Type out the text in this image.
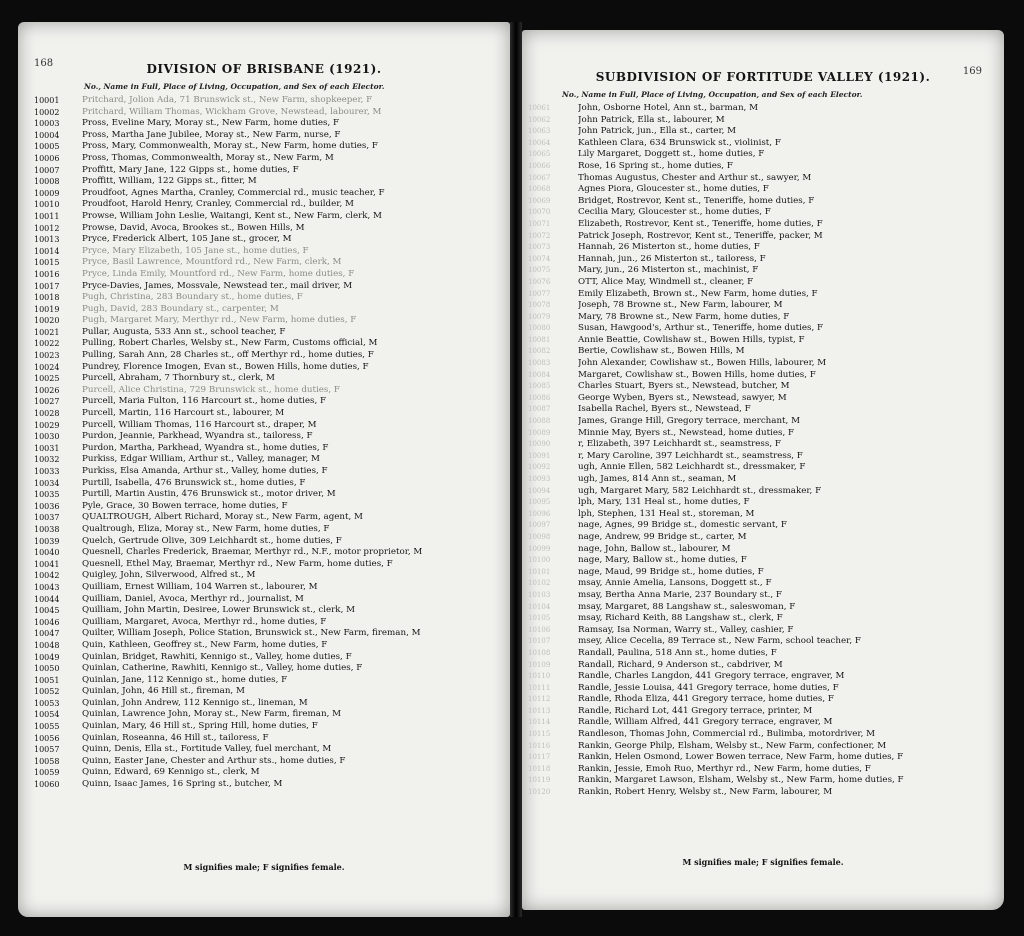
168	DIVISION OF BRISBANE (1921).
No., Name in Full, Place of Living, Occupation, and Sex of each Elector.
10001	Pritchard, Jolion Ada, 71 Brunswick st., New Farm, shopkeeper, F
10002	Pritchard, William Thomas, Wickham Grove, Newstead, labourer, M
10003	Pross, Eveline Mary, Moray st., New Farm, home duties, F
10004	Pross, Martha Jane Jubilee, Moray st., New Farm, nurse, F
10005	Pross, Mary, Commonwealth, Moray st., New Farm, home duties, F
10006	Pross, Thomas, Commonwealth, Moray st., New Farm, M
10007	Proffitt, Mary Jane, 122 Gipps st., home duties, F
10008	Proffitt, William, 122 Gipps st., fitter, M
10009	Proudfoot, Agnes Martha, Cranley, Commercial rd., music teacher, F
10010	Proudfoot, Harold Henry, Cranley, Commercial rd., builder, M
10011	Prowse, William John Leslie, Waitangi, Kent st., New Farm, clerk, M
10012	Prowse, David, Avoca, Brookes st., Bowen Hills, M
10013	Pryce, Frederick Albert, 105 Jane st., grocer, M
10014	Pryce, Mary Elizabeth, 105 Jane st., home duties, F
10015	Pryce, Basil Lawrence, Mountford rd., New Farm, clerk, M
10016	Pryce, Linda Emily, Mountford rd., New Farm, home duties, F
10017	Pryce-Davies, James, Mossvale, Newstead ter., mail driver, M
10018	Pugh, Christina, 283 Boundary st., home duties, F
10019	Pugh, David, 283 Boundary st., carpenter, M
10020	Pugh, Margaret Mary, Merthyr rd., New Farm, home duties, F
10021	Pullar, Augusta, 533 Ann st., school teacher, F
10022	Pulling, Robert Charles, Welsby st., New Farm, Customs official, M
10023	Pulling, Sarah Ann, 28 Charles st., off Merthyr rd., home duties, F
10024	Pundrey, Florence Imogen, Evan st., Bowen Hills, home duties, F
10025	Purcell, Abraham, 7 Thornbury st., clerk, M
10026	Purcell, Alice Christina, 729 Brunswick st., home duties, F
10027	Purcell, Maria Fulton, 116 Harcourt st., home duties, F
10028	Purcell, Martin, 116 Harcourt st., labourer, M
10029	Purcell, William Thomas, 116 Harcourt st., draper, M
10030	Purdon, Jeannie, Parkhead, Wyandra st., tailoress, F
10031	Purdon, Martha, Parkhead, Wyandra st., home duties, F
10032	Purkiss, Edgar William, Arthur st., Valley, manager, M
10033	Purkiss, Elsa Amanda, Arthur st., Valley, home duties, F
10034	Purtill, Isabella, 476 Brunswick st., home duties, F
10035	Purtill, Martin Austin, 476 Brunswick st., motor driver, M
10036	Pyle, Grace, 30 Bowen terrace, home duties, F
10037	QUALTROUGH, Albert Richard, Moray st., New Farm, agent, M
10038	Qualtrough, Eliza, Moray st., New Farm, home duties, F
10039	Quelch, Gertrude Olive, 309 Leichhardt st., home duties, F
10040	Quesnell, Charles Frederick, Braemar, Merthyr rd., N.F., motor proprietor, M
10041	Quesnell, Ethel May, Braemar, Merthyr rd., New Farm, home duties, F
10042	Quigley, John, Silverwood, Alfred st., M
10043	Quilliam, Ernest William, 104 Warren st., labourer, M
10044	Quilliam, Daniel, Avoca, Merthyr rd., journalist, M
10045	Quilliam, John Martin, Desiree, Lower Brunswick st., clerk, M
10046	Quilliam, Margaret, Avoca, Merthyr rd., home duties, F
10047	Quilter, William Joseph, Police Station, Brunswick st., New Farm, fireman, M
10048	Quin, Kathleen, Geoffrey st., New Farm, home duties, F
10049	Quinlan, Bridget, Rawhiti, Kennigo st., Valley, home duties, F
10050	Quinlan, Catherine, Rawhiti, Kennigo st., Valley, home duties, F
10051	Quinlan, Jane, 112 Kennigo st., home duties, F
10052	Quinlan, John, 46 Hill st., fireman, M
10053	Quinlan, John Andrew, 112 Kennigo st., lineman, M
10054	Quinlan, Lawrence John, Moray st., New Farm, fireman, M
10055	Quinlan, Mary, 46 Hill st., Spring Hill, home duties, F
10056	Quinlan, Roseanna, 46 Hill st., tailoress, F
10057	Quinn, Denis, Ella st., Fortitude Valley, fuel merchant, M
10058	Quinn, Easter Jane, Chester and Arthur sts., home duties, F
10059	Quinn, Edward, 69 Kennigo st., clerk, M
10060	Quinn, Isaac James, 16 Spring st., butcher, M
M signifies male; F signifies female.
169
SUBDIVISION OF FORTITUDE VALLEY (1921).
No., Name in Full, Place of Living, Occupation, and Sex of each Elector.
10061	John, Osborne Hotel, Ann st., barman, M
10062	John Patrick, Ella st., labourer, M
10063	John Patrick, jun., Ella st., carter, M
10064	Kathleen Clara, 634 Brunswick st., violinist, F
10065	Lily Margaret, Doggett st., home duties, F
10066	Rose, 16 Spring st., home duties, F
10067	Thomas Augustus, Chester and Arthur st., sawyer, M
10068	Agnes Piora, Gloucester st., home duties, F
10069	Bridget, Rostrevor, Kent st., Teneriffe, home duties, F
10070	Cecilia Mary, Gloucester st., home duties, F
10071	Elizabeth, Rostrevor, Kent st., Teneriffe, home duties, F
10072	Patrick Joseph, Rostrevor, Kent st., Teneriffe, packer, M
10073	Hannah, 26 Misterton st., home duties, F
10074	Hannah, jun., 26 Misterton st., tailoress, F
10075	Mary, jun., 26 Misterton st., machinist, F
10076	OTT, Alice May, Windmell st., cleaner, F
10077	Emily Elizabeth, Brown st., New Farm, home duties, F
10078	Joseph, 78 Browne st., New Farm, labourer, M
10079	Mary, 78 Browne st., New Farm, home duties, F
10080	Susan, Hawgood's, Arthur st., Teneriffe, home duties, F
10081	Annie Beattie, Cowlishaw st., Bowen Hills, typist, F
10082	Bertie, Cowlishaw st., Bowen Hills, M
10083	John Alexander, Cowlishaw st., Bowen Hills, labourer, M
10084	Margaret, Cowlishaw st., Bowen Hills, home duties, F
10085	Charles Stuart, Byers st., Newstead, butcher, M
10086	George Wyben, Byers st., Newstead, sawyer, M
10087	Isabella Rachel, Byers st., Newstead, F
10088	James, Grange Hill, Gregory terrace, merchant, M
10089	Minnie May, Byers st., Newstead, home duties, F
10090	r, Elizabeth, 397 Leichhardt st., seamstress, F
10091	r, Mary Caroline, 397 Leichhardt st., seamstress, F
10092	ugh, Annie Ellen, 582 Leichhardt st., dressmaker, F
10093	ugh, James, 814 Ann st., seaman, M
10094	ugh, Margaret Mary, 582 Leichhardt st., dressmaker, F
10095	lph, Mary, 131 Heal st., home duties, F
10096	lph, Stephen, 131 Heal st., storeman, M
10097	nage, Agnes, 99 Bridge st., domestic servant, F
10098	nage, Andrew, 99 Bridge st., carter, M
10099	nage, John, Ballow st., labourer, M
10100	nage, Mary, Ballow st., home duties, F
10101	nage, Maud, 99 Bridge st., home duties, F
10102	msay, Annie Amelia, Lansons, Doggett st., F
10103	msay, Bertha Anna Marie, 237 Boundary st., F
10104	msay, Margaret, 88 Langshaw st., saleswoman, F
10105	msay, Richard Keith, 88 Langshaw st., clerk, F
10106	Ramsay, Isa Norman, Warry st., Valley, cashier, F
10107	msey, Alice Cecelia, 89 Terrace st., New Farm, school teacher, F
10108	Randall, Paulina, 518 Ann st., home duties, F
10109	Randall, Richard, 9 Anderson st., cabdriver, M
10110	Randle, Charles Langdon, 441 Gregory terrace, engraver, M
10111	Randle, Jessie Louisa, 441 Gregory terrace, home duties, F
10112	Randle, Rhoda Eliza, 441 Gregory terrace, home duties, F
10113	Randle, Richard Lot, 441 Gregory terrace, printer, M
10114	Randle, William Alfred, 441 Gregory terrace, engraver, M
10115	Randleson, Thomas John, Commercial rd., Bulimba, motordriver, M
10116	Rankin, George Philp, Elsham, Welsby st., New Farm, confectioner, M
10117	Rankin, Helen Osmond, Lower Bowen terrace, New Farm, home duties, F
10118	Rankin, Jessie, Emoh Ruo, Merthyr rd., New Farm, home duties, F
10119	Rankin, Margaret Lawson, Elsham, Welsby st., New Farm, home duties, F
10120	Rankin, Robert Henry, Welsby st., New Farm, labourer, M
M signifies male; F signifies female.
